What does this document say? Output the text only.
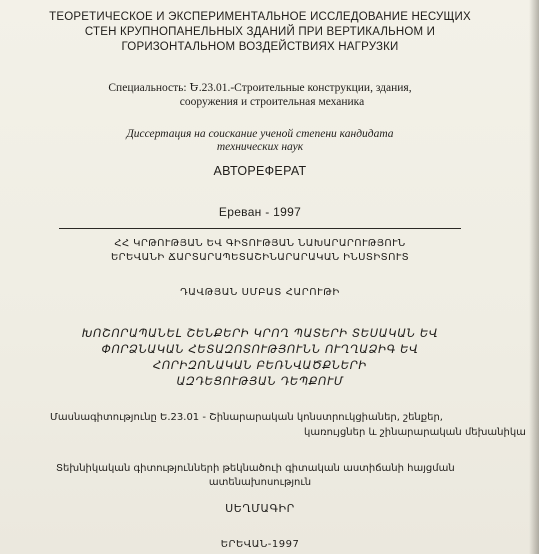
ТЕОРЕТИЧЕСКОЕ И ЭКСПЕРИМЕНТАЛЬНОЕ ИССЛЕДОВАНИЕ НЕСУЩИХ
СТЕН КРУПНОПАНЕЛЬНЫХ ЗДАНИЙ ПРИ ВЕРТИКАЛЬНОМ И
ГОРИЗОНТАЛЬНОМ ВОЗДЕЙСТВИЯХ НАГРУЗКИ
Специальность: Ե.23.01.-Строительные конструкции, здания,
сооружения и строительная механика
Диссертация на соискание ученой степени кандидата
технических наук
АВТОРЕФЕРАТ
Ереван - 1997
ՀՀ ԿՐԹՈՒԹՅԱՆ ԵՎ ԳԻՏՈՒԹՅԱՆ ՆԱԽԱՐԱՐՈՒԹՅՈՒՆ
ԵՐԵՎԱՆԻ ՃԱՐՏԱՐԱՊԵՏԱՇԻՆԱՐԱՐԱԿԱՆ ԻՆՍՏԻՏՈՒՏ
ԴԱՎԹՅԱՆ ՍՄԲԱՏ ՀԱՐՈՒԹԻ
ԽՈՇՈՐԱՊԱՆԵԼ ՇԵՆՔԵՐԻ ԿՐՈՂ ՊԱՏԵՐԻ ՏԵՍԱԿԱՆ ԵՎ
ՓՈՐՁՆԱԿԱՆ ՀԵՏԱԶՈՏՈՒԹՅՈՒՆՆ ՈՒՂՂԱՁԻԳ ԵՎ
ՀՈՐԻԶՈՆԱԿԱՆ ԲԵՌՆՎԱԾՔՆԵՐԻ
ԱԶԴԵՑՈՒԹՅԱՆ ԴԵՊՔՈՒՄ
Մասնագիտությունը Ե.23.01 - Շինարարական կոնստրուկցիաներ, շենքեր,
կառույցներ և շինարարական մեխանիկա
Տեխնիկական գիտությունների թեկնածուի գիտական աստիճանի հայցման
ատենախոսություն
ՍԵՂՄԱԳԻՐ
ԵՐԵՎԱՆ-1997
